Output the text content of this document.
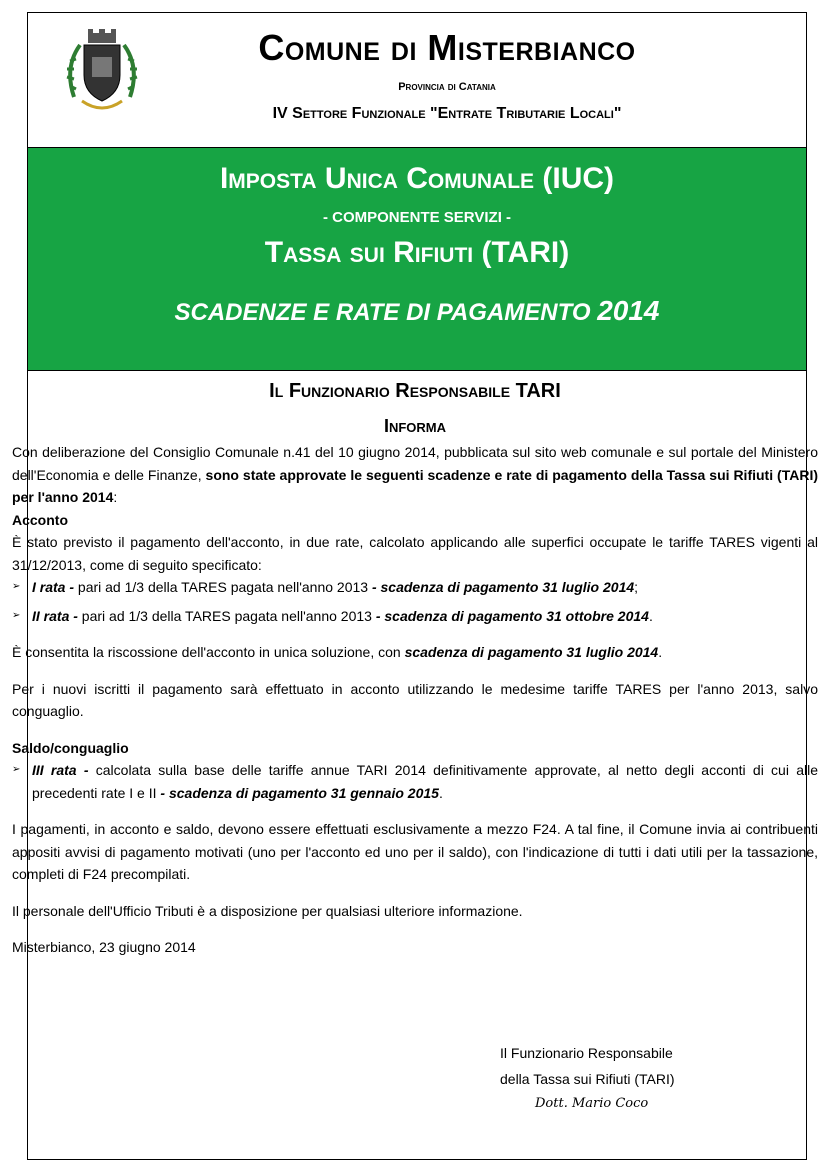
Comune di Misterbianco
Provincia di Catania
IV Settore Funzionale "Entrate Tributarie Locali"
Imposta Unica Comunale (IUC)
- COMPONENTE SERVIZI -
Tassa sui Rifiuti (TARI)
SCADENZE E RATE DI PAGAMENTO 2014
Il Funzionario Responsabile TARI
Informa

Con deliberazione del Consiglio Comunale n.41 del 10 giugno 2014, pubblicata sul sito web comunale e sul portale del Ministero dell'Economia e delle Finanze, sono state approvate le seguenti scadenze e rate di pagamento della Tassa sui Rifiuti (TARI) per l'anno 2014:

Acconto

È stato previsto il pagamento dell'acconto, in due rate, calcolato applicando alle superfici occupate le tariffe TARES vigenti al 31/12/2013, come di seguito specificato:

➢ I rata - pari ad 1/3 della TARES pagata nell'anno 2013 - scadenza di pagamento 31 luglio 2014;
➢ II rata - pari ad 1/3 della TARES pagata nell'anno 2013 - scadenza di pagamento 31 ottobre 2014.

È consentita la riscossione dell'acconto in unica soluzione, con scadenza di pagamento 31 luglio 2014.

Per i nuovi iscritti il pagamento sarà effettuato in acconto utilizzando le medesime tariffe TARES per l'anno 2013, salvo conguaglio.

Saldo/conguaglio

➢ III rata - calcolata sulla base delle tariffe annue TARI 2014 definitivamente approvate, al netto degli acconti di cui alle precedenti rate I e II - scadenza di pagamento 31 gennaio 2015.

I pagamenti, in acconto e saldo, devono essere effettuati esclusivamente a mezzo F24. A tal fine, il Comune invia ai contribuenti appositi avvisi di pagamento motivati (uno per l'acconto ed uno per il saldo), con l'indicazione di tutti i dati utili per la tassazione, completi di F24 precompilati.

Il personale dell'Ufficio Tributi è a disposizione per qualsiasi ulteriore informazione.

Misterbianco, 23 giugno 2014

Il Funzionario Responsabile
della Tassa sui Rifiuti (TARI)
Dott. Mario Coco
